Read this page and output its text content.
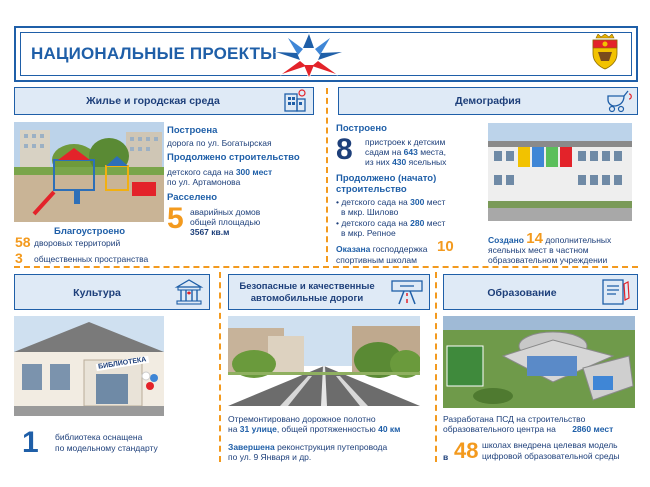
НАЦИОНАЛЬНЫЕ ПРОЕКТЫ
Жилье и городская среда
Построена
дорога по ул. Богатырская
Продолжено строительство
детского сада на 300 мест
по ул. Артамонова
Расселено
5 аварийных домов
общей площадью
3567 кв.м
Благоустроено
58 дворовых территорий
3 общественных пространства
Демография
Построено
8 пристроек к детским
садам на 643 места,
из них 430 ясельных
Продолжено (начато)
строительство
• детского сада на 300 мест
в мкр. Шилово
• детского сада на 280 мест
в мкр. Репное
Оказана господдержка 10
спортивным школам
Создано 14 дополнительных
ясельных мест в частном
образовательном учреждении
Культура
БИБЛИОТЕКА
1 библиотека оснащена
по модельному стандарту
Безопасные и качественные
автомобильные дороги
Отремонтировано дорожное полотно
на 31 улице, общей протяженностью 40 км
Завершена реконструкция путепровода
по ул. 9 Января и др.
Образование
Разработана ПСД на строительство
образовательного центра на 2860 мест
в 48 школах внедрена целевая модель
цифровой образовательной среды
